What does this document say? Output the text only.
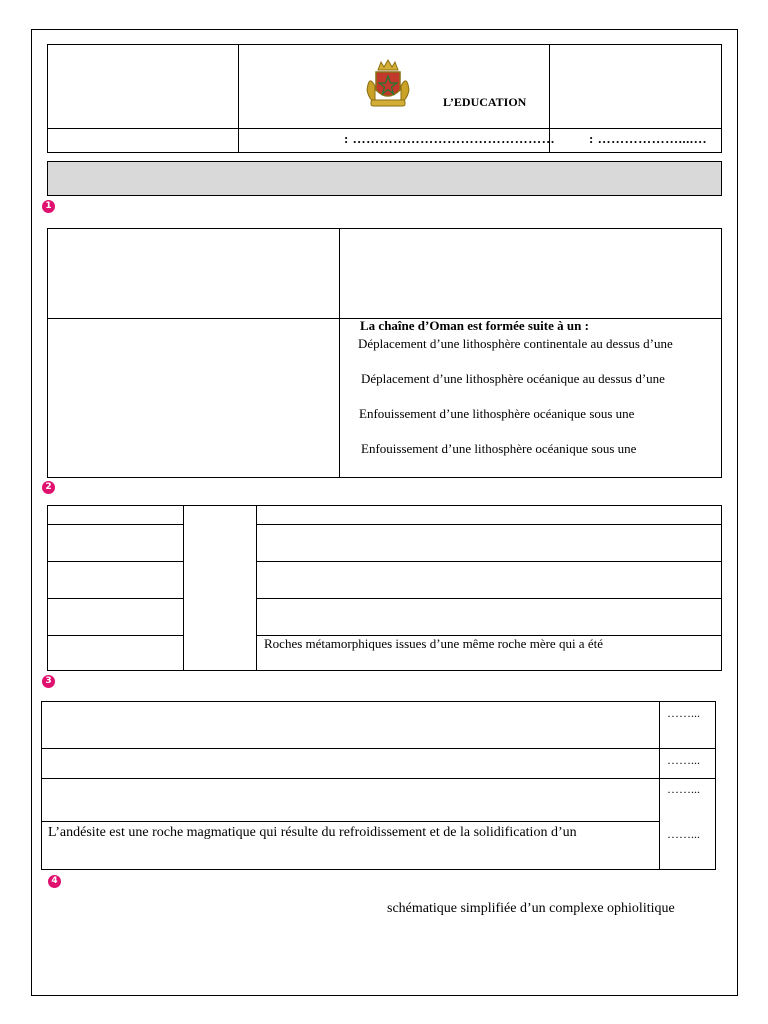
L’EDUCATION
: ………………………………………	: ………………....…
1
La chaîne d’Oman est formée suite à un :
Déplacement d’une lithosphère continentale au dessus d’une
Déplacement d’une lithosphère océanique au dessus d’une
Enfouissement d’une lithosphère océanique sous une
Enfouissement d’une lithosphère océanique sous une
2
Roches métamorphiques issues d’une même roche mère qui a été
3
……...
……...
……...
……...
L’andésite est une roche magmatique qui résulte du refroidissement et de la solidification d’un
4
schématique simplifiée d’un complexe ophiolitique
